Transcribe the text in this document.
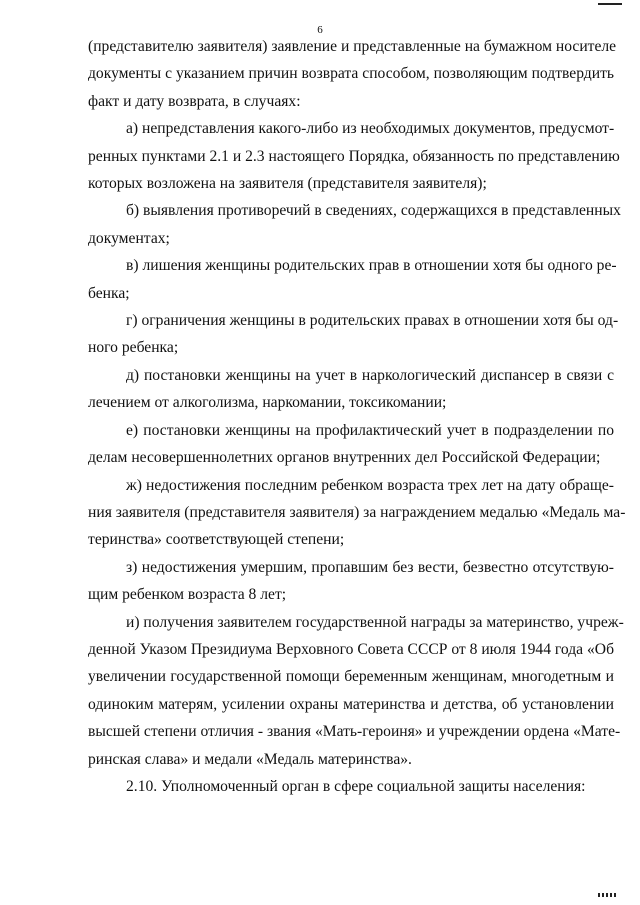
6
(представителю заявителя) заявление и представленные на бумажном носителе
документы с указанием причин возврата способом, позволяющим подтвердить
факт и дату возврата, в случаях:
а) непредставления какого-либо из необходимых документов, предусмот-
ренных пунктами 2.1 и 2.3 настоящего Порядка, обязанность по представлению
которых возложена на заявителя (представителя заявителя);
б) выявления противоречий в сведениях, содержащихся в представленных
документах;
в) лишения женщины родительских прав в отношении хотя бы одного ре-
бенка;
г) ограничения женщины в родительских правах в отношении хотя бы од-
ного ребенка;
д) постановки женщины на учет в наркологический диспансер в связи с
лечением от алкоголизма, наркомании, токсикомании;
е) постановки женщины на профилактический учет в подразделении по
делам несовершеннолетних органов внутренних дел Российской Федерации;
ж) недостижения последним ребенком возраста трех лет на дату обраще-
ния заявителя (представителя заявителя) за награждением медалью «Медаль ма-
теринства» соответствующей степени;
з) недостижения умершим, пропавшим без вести, безвестно отсутствую-
щим ребенком возраста 8 лет;
и) получения заявителем государственной награды за материнство, учреж-
денной Указом Президиума Верховного Совета СССР от 8 июля 1944 года «Об
увеличении государственной помощи беременным женщинам, многодетным и
одиноким матерям, усилении охраны материнства и детства, об установлении
высшей степени отличия - звания «Мать-героиня» и учреждении ордена «Мате-
ринская слава» и медали «Медаль материнства».
2.10. Уполномоченный орган в сфере социальной защиты населения:
